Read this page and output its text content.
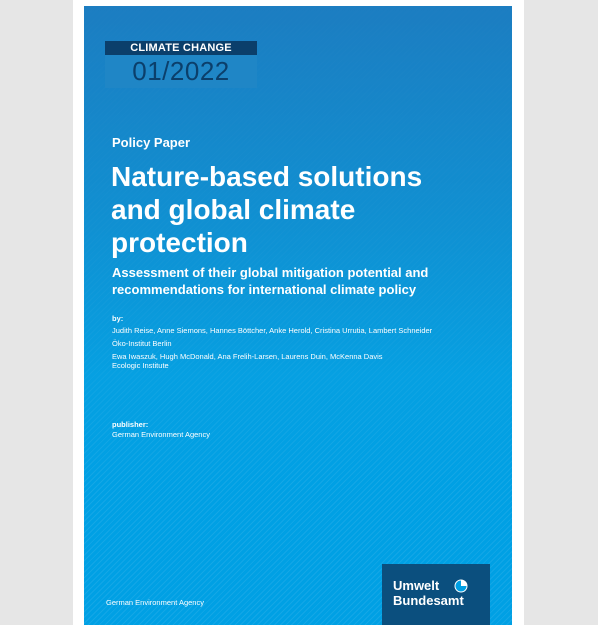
CLIMATE CHANGE
01/2022
Policy Paper
Nature-based solutions and global climate protection

Assessment of their global mitigation potential and recommendations for international climate policy

by:
Judith Reise, Anne Siemons, Hannes Böttcher, Anke Herold, Cristina Urrutia, Lambert Schneider
Öko-Institut Berlin
Ewa Iwaszuk, Hugh McDonald, Ana Frelih-Larsen, Laurens Duin, McKenna Davis
Ecologic Institute
publisher:
German Environment Agency
German Environment Agency
Umwelt
Bundesamt
